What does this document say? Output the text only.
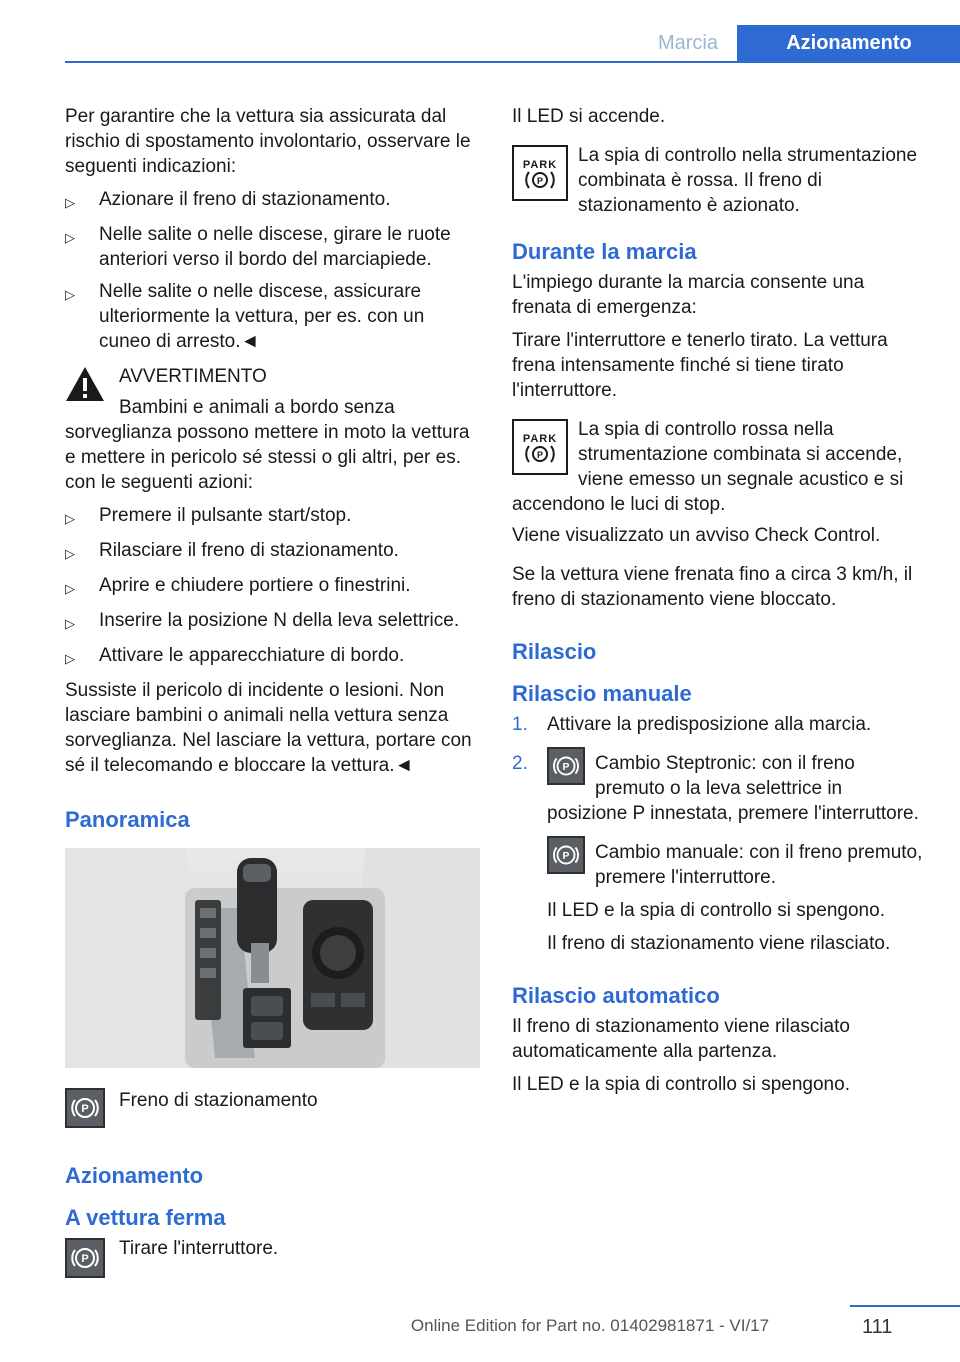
Marcia	Azionamento

Per garantire che la vettura sia assicurata dal rischio di spostamento involontario, osservare le seguenti indicazioni:

▷	Azionare il freno di stazionamento.
▷	Nelle salite o nelle discese, girare le ruote anteriori verso il bordo del marciapiede.
▷	Nelle salite o nelle discese, assicurare ulteriormente la vettura, per es. con un cuneo di arresto.◄
AVVERTIMENTO

Bambini e animali a bordo senza sorveglianza possono mettere in moto la vettura e mettere in pericolo sé stessi o gli altri, per es. con le seguenti azioni:

▷	Premere il pulsante start/stop.
▷	Rilasciare il freno di stazionamento.
▷	Aprire e chiudere portiere o finestrini.
▷	Inserire la posizione N della leva selettrice.
▷	Attivare le apparecchiature di bordo.

Sussiste il pericolo di incidente o lesioni. Non lasciare bambini o animali nella vettura senza sorveglianza. Nel lasciare la vettura, portare con sé il telecomando e bloccare la vettura.◄

Panoramica
P	Freno di stazionamento
Azionamento
A vettura ferma
P	Tirare l'interruttore.

Il LED si accende.

PARK
P
La spia di controllo nella strumentazione combinata è rossa. Il freno di stazionamento è azionato.
Durante la marcia

L'impiego durante la marcia consente una frenata di emergenza:

Tirare l'interruttore e tenerlo tirato. La vettura frena intensamente finché si tiene tirato l'interruttore.

PARK
P
La spia di controllo rossa nella strumentazione combinata si accende, viene emesso un segnale acustico e si accendono le luci di stop.

Viene visualizzato un avviso Check Control.

Se la vettura viene frenata fino a circa 3 km/h, il freno di stazionamento viene bloccato.

Rilascio
Rilascio manuale
1.	Attivare la predisposizione alla marcia.
2.	P Cambio Steptronic: con il freno premuto o la leva selettrice in posizione P innestata, premere l'interruttore.
P Cambio manuale: con il freno premuto, premere l'interruttore.

Il LED e la spia di controllo si spengono.

Il freno di stazionamento viene rilasciato.

Rilascio automatico

Il freno di stazionamento viene rilasciato automaticamente alla partenza.

Il LED e la spia di controllo si spengono.

Online Edition for Part no. 01402981871 - VI/17	111
